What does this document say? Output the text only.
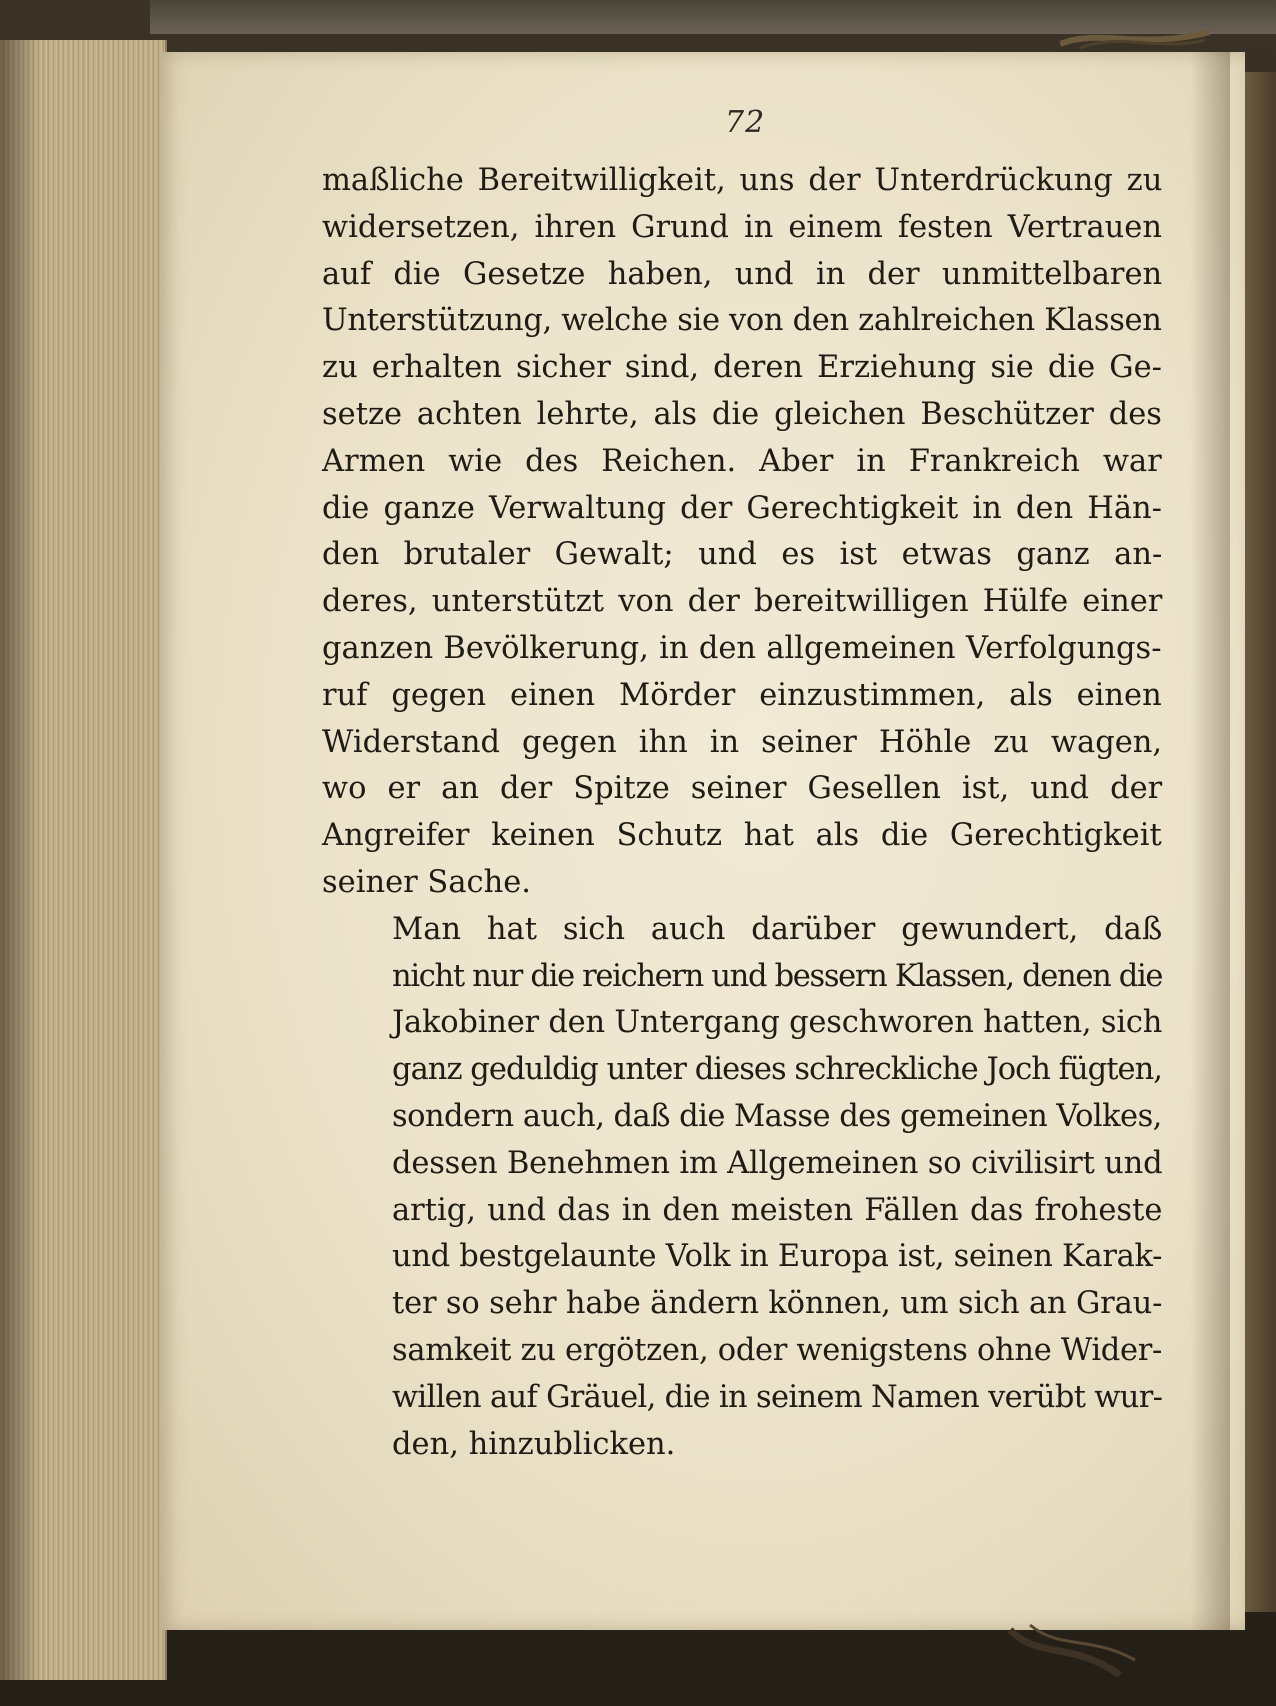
72
maßliche Bereitwilligkeit, uns der Unterdrückung zu
widersetzen, ihren Grund in einem festen Vertrauen
auf die Gesetze haben, und in der unmittelbaren
Unterstützung, welche sie von den zahlreichen Klassen
zu erhalten sicher sind, deren Erziehung sie die Ge-
setze achten lehrte, als die gleichen Beschützer des
Armen wie des Reichen. Aber in Frankreich war
die ganze Verwaltung der Gerechtigkeit in den Hän-
den brutaler Gewalt; und es ist etwas ganz an-
deres, unterstützt von der bereitwilligen Hülfe einer
ganzen Bevölkerung, in den allgemeinen Verfolgungs-
ruf gegen einen Mörder einzustimmen, als einen
Widerstand gegen ihn in seiner Höhle zu wagen,
wo er an der Spitze seiner Gesellen ist, und der
Angreifer keinen Schutz hat als die Gerechtigkeit
seiner Sache.
Man hat sich auch darüber gewundert, daß
nicht nur die reichern und bessern Klassen, denen die
Jakobiner den Untergang geschworen hatten, sich
ganz geduldig unter dieses schreckliche Joch fügten,
sondern auch, daß die Masse des gemeinen Volkes,
dessen Benehmen im Allgemeinen so civilisirt und
artig, und das in den meisten Fällen das froheste
und bestgelaunte Volk in Europa ist, seinen Karak-
ter so sehr habe ändern können, um sich an Grau-
samkeit zu ergötzen, oder wenigstens ohne Wider-
willen auf Gräuel, die in seinem Namen verübt wur-
den, hinzublicken.
